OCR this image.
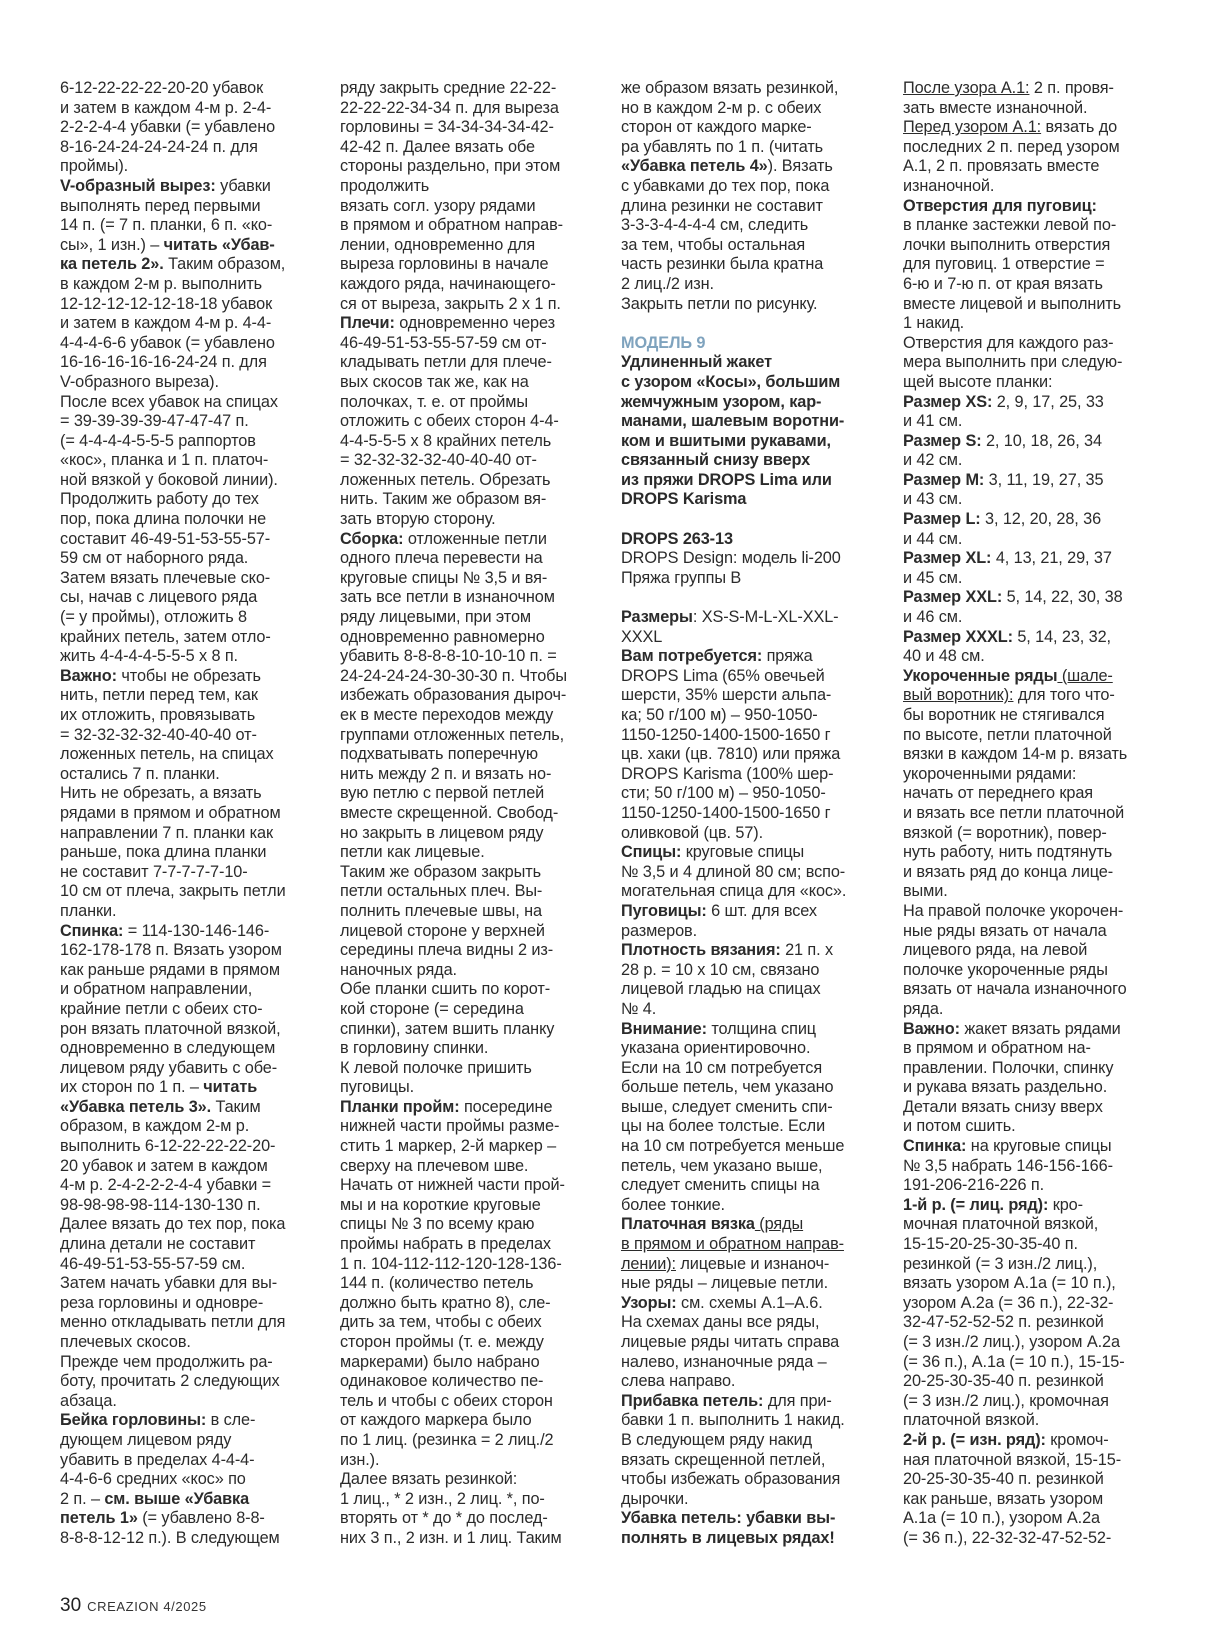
6-12-22-22-22-20-20 убавок
и затем в каждом 4-м р. 2-4-
2-2-2-4-4 убавки (= убавлено
8-16-24-24-24-24-24 п. для
проймы).

V-образный вырез: убавки
выполнять перед первыми
14 п. (= 7 п. планки, 6 п. «ко-
сы», 1 изн.) – читать «Убав-
ка петель 2». Таким образом,
в каждом 2-м р. выполнить
12-12-12-12-12-18-18 убавок
и затем в каждом 4-м р. 4-4-
4-4-4-6-6 убавок (= убавлено
16-16-16-16-16-24-24 п. для
V-образного выреза).
После всех убавок на спицах
= 39-39-39-39-47-47-47 п.
(= 4-4-4-4-5-5-5 раппортов
«кос», планка и 1 п. платоч-
ной вязкой у боковой линии).
Продолжить работу до тех
пор, пока длина полочки не
составит 46-49-51-53-55-57-
59 см от наборного ряда.
Затем вязать плечевые ско-
сы, начав с лицевого ряда
(= у проймы), отложить 8
крайних петель, затем отло-
жить 4-4-4-4-5-5-5 х 8 п.

Важно: чтобы не обрезать
нить, петли перед тем, как
их отложить, провязывать
= 32-32-32-32-40-40-40 от-
ложенных петель, на спицах
остались 7 п. планки.
Нить не обрезать, а вязать
рядами в прямом и обратном
направлении 7 п. планки как
раньше, пока длина планки
не составит 7-7-7-7-7-10-
10 см от плеча, закрыть петли
планки.

Спинка: = 114-130-146-146-
162-178-178 п. Вязать узором
как раньше рядами в прямом
и обратном направлении,
крайние петли с обеих сто-
рон вязать платочной вязкой,
одновременно в следующем
лицевом ряду убавить с обе-
их сторон по 1 п. – читать
«Убавка петель 3». Таким
образом, в каждом 2-м р.
выполнить 6-12-22-22-22-20-
20 убавок и затем в каждом
4-м р. 2-4-2-2-2-4-4 убавки =
98-98-98-98-114-130-130 п.
Далее вязать до тех пор, пока
длина детали не составит
46-49-51-53-55-57-59 см.
Затем начать убавки для вы-
реза горловины и одновре-
менно откладывать петли для
плечевых скосов.
Прежде чем продолжить ра-
боту, прочитать 2 следующих
абзаца.

Бейка горловины: в сле-
дующем лицевом ряду
убавить в пределах 4-4-4-
4-4-6-6 средних «кос» по
2 п. – см. выше «Убавка
петель 1» (= убавлено 8-8-
8-8-8-12-12 п.). В следующем

ряду закрыть средние 22-22-
22-22-22-34-34 п. для выреза
горловины = 34-34-34-34-42-
42-42 п. Далее вязать обе
стороны раздельно, при этом
продолжить
вязать согл. узору рядами
в прямом и обратном направ-
лении, одновременно для
выреза горловины в начале
каждого ряда, начинающего-
ся от выреза, закрыть 2 х 1 п.

Плечи: одновременно через
46-49-51-53-55-57-59 см от-
кладывать петли для плече-
вых скосов так же, как на
полочках, т. е. от проймы
отложить с обеих сторон 4-4-
4-4-5-5-5 х 8 крайних петель
= 32-32-32-32-40-40-40 от-
ложенных петель. Обрезать
нить. Таким же образом вя-
зать вторую сторону.

Сборка: отложенные петли
одного плеча перевести на
круговые спицы № 3,5 и вя-
зать все петли в изнаночном
ряду лицевыми, при этом
одновременно равномерно
убавить 8-8-8-8-10-10-10 п. =
24-24-24-24-30-30-30 п. Чтобы
избежать образования дыроч-
ек в месте переходов между
группами отложенных петель,
подхватывать поперечную
нить между 2 п. и вязать но-
вую петлю с первой петлей
вместе скрещенной. Свобод-
но закрыть в лицевом ряду
петли как лицевые.
Таким же образом закрыть
петли остальных плеч. Вы-
полнить плечевые швы, на
лицевой стороне у верхней
середины плеча видны 2 из-
наночных ряда.
Обе планки сшить по корот-
кой стороне (= середина
спинки), затем вшить планку
в горловину спинки.
К левой полочке пришить
пуговицы.

Планки пройм: посередине
нижней части проймы разме-
стить 1 маркер, 2-й маркер –
сверху на плечевом шве.
Начать от нижней части прой-
мы и на короткие круговые
спицы № 3 по всему краю
проймы набрать в пределах
1 п. 104-112-112-120-128-136-
144 п. (количество петель
должно быть кратно 8), сле-
дить за тем, чтобы с обеих
сторон проймы (т. е. между
маркерами) было набрано
одинаковое количество пе-
тель и чтобы с обеих сторон
от каждого маркера было
по 1 лиц. (резинка = 2 лиц./2
изн.).
Далее вязать резинкой:
1 лиц., * 2 изн., 2 лиц. *, по-
вторять от * до * до послед-
них 3 п., 2 изн. и 1 лиц. Таким

же образом вязать резинкой,
но в каждом 2-м р. с обеих
сторон от каждого марке-
ра убавлять по 1 п. (читать
«Убавка петель 4»). Вязать
с убавками до тех пор, пока
длина резинки не составит
3-3-3-4-4-4-4 см, следить
за тем, чтобы остальная
часть резинки была кратна
2 лиц./2 изн.
Закрыть петли по рисунку.

МОДЕЛЬ 9

Удлиненный жакет
с узором «Косы», большим
жемчужным узором, кар-
манами, шалевым воротни-
ком и вшитыми рукавами,
связанный снизу вверх
из пряжи DROPS Lima или
DROPS Karisma

DROPS 263-13

DROPS Design: модель li-200

Пряжа группы B

Размеры: XS-S-M-L-XL-XXL-
XXXL

Вам потребуется: пряжа
DROPS Lima (65% овечьей
шерсти, 35% шерсти альпа-
ка; 50 г/100 м) – 950-1050-
1150-1250-1400-1500-1650 г
цв. хаки (цв. 7810) или пряжа
DROPS Karisma (100% шер-
сти; 50 г/100 м) – 950-1050-
1150-1250-1400-1500-1650 г
оливковой (цв. 57).

Спицы: круговые спицы
№ 3,5 и 4 длиной 80 см; вспо-
могательная спица для «кос».

Пуговицы: 6 шт. для всех
размеров.

Плотность вязания: 21 п. х
28 р. = 10 х 10 см, связано
лицевой гладью на спицах
№ 4.

Внимание: толщина спиц
указана ориентировочно.
Если на 10 см потребуется
больше петель, чем указано
выше, следует сменить спи-
цы на более толстые. Если
на 10 см потребуется меньше
петель, чем указано выше,
следует сменить спицы на
более тонкие.

Платочная вязка (ряды
в прямом и обратном направ-
лении): лицевые и изнаноч-
ные ряды – лицевые петли.

Узоры: см. схемы А.1–А.6.
На схемах даны все ряды,
лицевые ряды читать справа
налево, изнаночные ряда –
слева направо.

Прибавка петель: для при-
бавки 1 п. выполнить 1 накид.
В следующем ряду накид
вязать скрещенной петлей,
чтобы избежать образования
дырочки.

Убавка петель: убавки вы-
полнять в лицевых рядах!

После узора А.1: 2 п. провя-
зать вместе изнаночной.

Перед узором А.1: вязать до
последних 2 п. перед узором
А.1, 2 п. провязать вместе
изнаночной.

Отверстия для пуговиц:
в планке застежки левой по-
лочки выполнить отверстия
для пуговиц. 1 отверстие =
6-ю и 7-ю п. от края вязать
вместе лицевой и выполнить
1 накид.
Отверстия для каждого раз-
мера выполнить при следую-
щей высоте планки:

Размер XS: 2, 9, 17, 25, 33
и 41 см.

Размер S: 2, 10, 18, 26, 34
и 42 см.

Размер M: 3, 11, 19, 27, 35
и 43 см.

Размер L: 3, 12, 20, 28, 36
и 44 см.

Размер XL: 4, 13, 21, 29, 37
и 45 см.

Размер XXL: 5, 14, 22, 30, 38
и 46 см.

Размер XXXL: 5, 14, 23, 32,
40 и 48 см.

Укороченные ряды (шале-
вый воротник): для того что-
бы воротник не стягивался
по высоте, петли платочной
вязки в каждом 14-м р. вязать
укороченными рядами:
начать от переднего края
и вязать все петли платочной
вязкой (= воротник), повер-
нуть работу, нить подтянуть
и вязать ряд до конца лице-
выми.
На правой полочке укорочен-
ные ряды вязать от начала
лицевого ряда, на левой
полочке укороченные ряды
вязать от начала изнаночного
ряда.

Важно: жакет вязать рядами
в прямом и обратном на-
правлении. Полочки, спинку
и рукава вязать раздельно.
Детали вязать снизу вверх
и потом сшить.

Спинка: на круговые спицы
№ 3,5 набрать 146-156-166-
191-206-216-226 п.

1-й р. (= лиц. ряд): кро-
мочная платочной вязкой,
15-15-20-25-30-35-40 п.
резинкой (= 3 изн./2 лиц.),
вязать узором А.1а (= 10 п.),
узором А.2а (= 36 п.), 22-32-
32-47-52-52-52 п. резинкой
(= 3 изн./2 лиц.), узором А.2а
(= 36 п.), А.1а (= 10 п.), 15-15-
20-25-30-35-40 п. резинкой
(= 3 изн./2 лиц.), кромочная
платочной вязкой.

2-й р. (= изн. ряд): кромоч-
ная платочной вязкой, 15-15-
20-25-30-35-40 п. резинкой
как раньше, вязать узором
А.1а (= 10 п.), узором А.2а
(= 36 п.), 22-32-32-47-52-52-

30 CREAZION 4/2025
